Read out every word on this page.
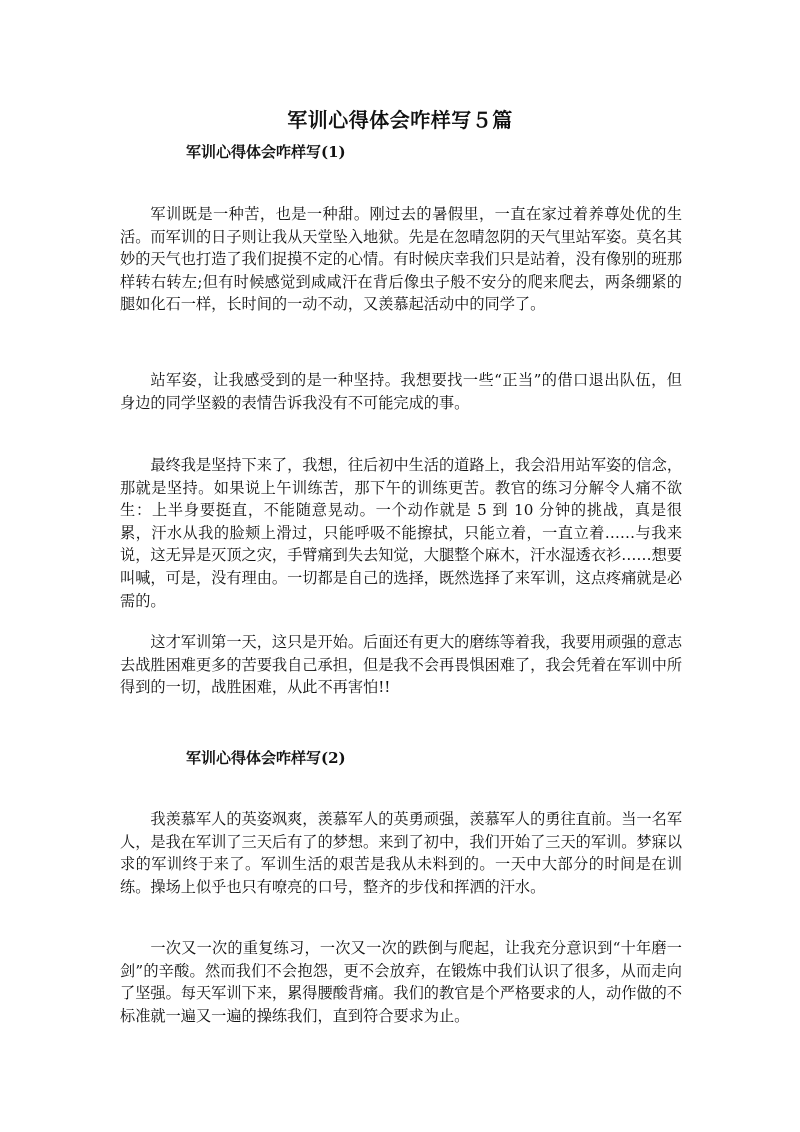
军训心得体会咋样写５篇
军训心得体会咋样写(1)

军训既是一种苦，也是一种甜。刚过去的暑假里，一直在家过着养尊处优的生活。而军训的日子则让我从天堂坠入地狱。先是在忽晴忽阴的天气里站军姿。莫名其妙的天气也打造了我们捉摸不定的心情。有时候庆幸我们只是站着，没有像别的班那样转右转左;但有时候感觉到咸咸汗在背后像虫子般不安分的爬来爬去，两条绷紧的腿如化石一样，长时间的一动不动，又羡慕起活动中的同学了。

站军姿，让我感受到的是一种坚持。我想要找一些“正当”的借口退出队伍，但身边的同学坚毅的表情告诉我没有不可能完成的事。

最终我是坚持下来了，我想，往后初中生活的道路上，我会沿用站军姿的信念，那就是坚持。如果说上午训练苦，那下午的训练更苦。教官的练习分解令人痛不欲生：上半身要挺直，不能随意晃动。一个动作就是 5 到 10 分钟的挑战，真是很累，汗水从我的脸颊上滑过，只能呼吸不能擦拭，只能立着，一直立着……与我来说，这无异是灭顶之灾，手臂痛到失去知觉，大腿整个麻木，汗水湿透衣衫……想要叫喊，可是，没有理由。一切都是自己的选择，既然选择了来军训，这点疼痛就是必需的。

这才军训第一天，这只是开始。后面还有更大的磨练等着我，我要用顽强的意志去战胜困难更多的苦要我自己承担，但是我不会再畏惧困难了，我会凭着在军训中所得到的一切，战胜困难，从此不再害怕!!

军训心得体会咋样写(2)

我羡慕军人的英姿飒爽，羡慕军人的英勇顽强，羡慕军人的勇往直前。当一名军人，是我在军训了三天后有了的梦想。来到了初中，我们开始了三天的军训。梦寐以求的军训终于来了。军训生活的艰苦是我从未料到的。一天中大部分的时间是在训练。操场上似乎也只有嘹亮的口号，整齐的步伐和挥洒的汗水。

一次又一次的重复练习，一次又一次的跌倒与爬起，让我充分意识到“十年磨一剑”的辛酸。然而我们不会抱怨，更不会放弃，在锻炼中我们认识了很多，从而走向了坚强。每天军训下来，累得腰酸背痛。我们的教官是个严格要求的人，动作做的不标准就一遍又一遍的操练我们，直到符合要求为止。
